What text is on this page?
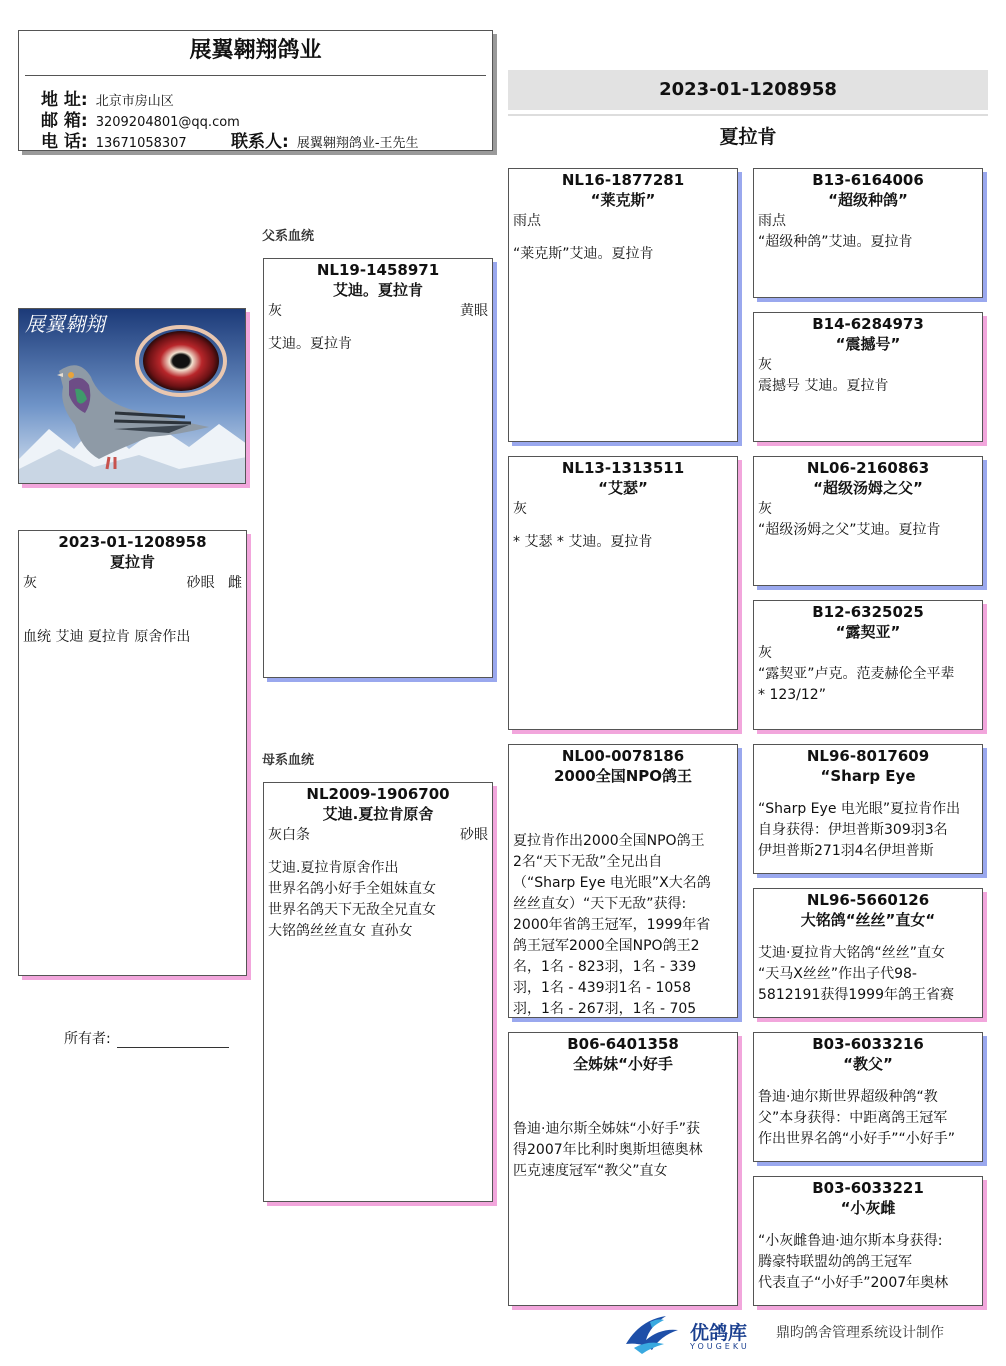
展翼翱翔鸽业
地 址: 北京市房山区
邮 箱: 3209204801@qq.com
电 话: 13671058307	联系人: 展翼翱翔鸽业-王先生
2023-01-1208958
夏拉肯
父系血统
母系血统
展翼翱翔
2023-01-1208958
夏拉肯
灰	砂眼 雌
血统 艾迪 夏拉肯 原舍作出
所有者:
NL19-1458971
艾迪。夏拉肯
灰	黄眼
艾迪。夏拉肯
NL2009-1906700
艾迪.夏拉肯原舍
灰白条	砂眼
艾迪.夏拉肯原舍作出
世界名鸽小好手全姐妹直女
世界名鸽天下无敌全兄直女
大铭鸽丝丝直女 直孙女
NL16-1877281
“莱克斯”
雨点
“莱克斯”艾迪。夏拉肯
NL13-1313511
“艾瑟”
灰
* 艾瑟 * 艾迪。夏拉肯
NL00-0078186
2000全国NPO鸽王
夏拉肯作出2000全国NPO鸽王
2名“天下无敌”全兄出自
（“Sharp Eye 电光眼”X大名鸽
丝丝直女）“天下无敌”获得:
2000年省鸽王冠军，1999年省
鸽王冠军2000全国NPO鸽王2
名，1名 - 823羽，1名 - 339
羽，1名 - 439羽1名 - 1058
羽，1名 - 267羽，1名 - 705
B06-6401358
全姊妹“小好手
鲁迪·迪尔斯全姊妹“小好手”获
得2007年比利时奥斯坦德奥林
匹克速度冠军“教父”直女
B13-6164006
“超级种鸽”
雨点
“超级种鸽”艾迪。夏拉肯
B14-6284973
“震撼号”
灰
震撼号 艾迪。夏拉肯
NL06-2160863
“超级汤姆之父”
灰
“超级汤姆之父”艾迪。夏拉肯
B12-6325025
“露契亚”
灰
“露契亚”卢克。范麦赫伦全平辈
* 123/12”
NL96-8017609
“Sharp Eye
“Sharp Eye 电光眼”夏拉肯作出
自身获得：伊坦普斯309羽3名
伊坦普斯271羽4名伊坦普斯
NL96-5660126
大铭鸽“丝丝”直女“
艾迪·夏拉肯大铭鸽“丝丝”直女
“天马X丝丝”作出子代98-
5812191获得1999年鸽王省赛
B03-6033216
“教父”
鲁迪·迪尔斯世界超级种鸽“教
父”本身获得：中距离鸽王冠军
作出世界名鸽“小好手”“小好手”
B03-6033221
“小灰雌
“小灰雌鲁迪·迪尔斯本身获得:
腾豪特联盟幼鸽鸽王冠军
代表直子“小好手”2007年奥林
优鸽库
YOUGEKU
鼎昀鸽舍管理系统设计制作
